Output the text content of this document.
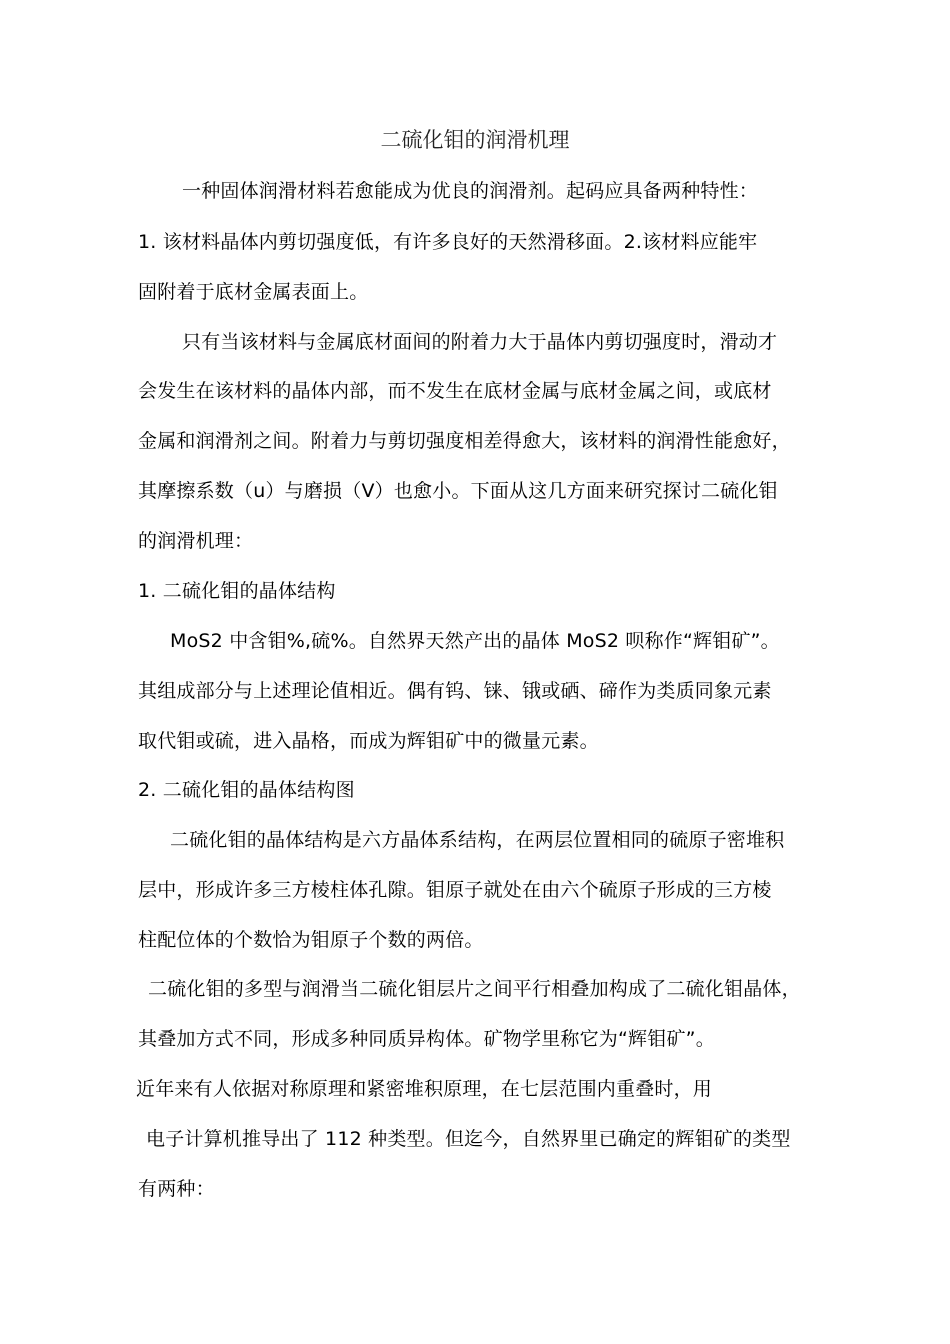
二硫化钼的润滑机理
一种固体润滑材料若愈能成为优良的润滑剂。起码应具备两种特性：
1. 该材料晶体内剪切强度低，有许多良好的天然滑移面。2.该材料应能牢
固附着于底材金属表面上。
只有当该材料与金属底材面间的附着力大于晶体内剪切强度时，滑动才
会发生在该材料的晶体内部，而不发生在底材金属与底材金属之间，或底材
金属和润滑剂之间。附着力与剪切强度相差得愈大，该材料的润滑性能愈好，
其摩擦系数（u）与磨损（V）也愈小。下面从这几方面来研究探讨二硫化钼
的润滑机理：
1. 二硫化钼的晶体结构
MoS2 中含钼%,硫%。自然界天然产出的晶体 MoS2 呗称作“辉钼矿”。
其组成部分与上述理论值相近。偶有钨、铼、锇或硒、碲作为类质同象元素
取代钼或硫，进入晶格，而成为辉钼矿中的微量元素。
2. 二硫化钼的晶体结构图
二硫化钼的晶体结构是六方晶体系结构，在两层位置相同的硫原子密堆积
层中，形成许多三方棱柱体孔隙。钼原子就处在由六个硫原子形成的三方棱
柱配位体的个数恰为钼原子个数的两倍。
二硫化钼的多型与润滑当二硫化钼层片之间平行相叠加构成了二硫化钼晶体，
其叠加方式不同，形成多种同质异构体。矿物学里称它为“辉钼矿”。
近年来有人依据对称原理和紧密堆积原理，在七层范围内重叠时，用
电子计算机推导出了 112 种类型。但迄今，自然界里已确定的辉钼矿的类型
有两种：
